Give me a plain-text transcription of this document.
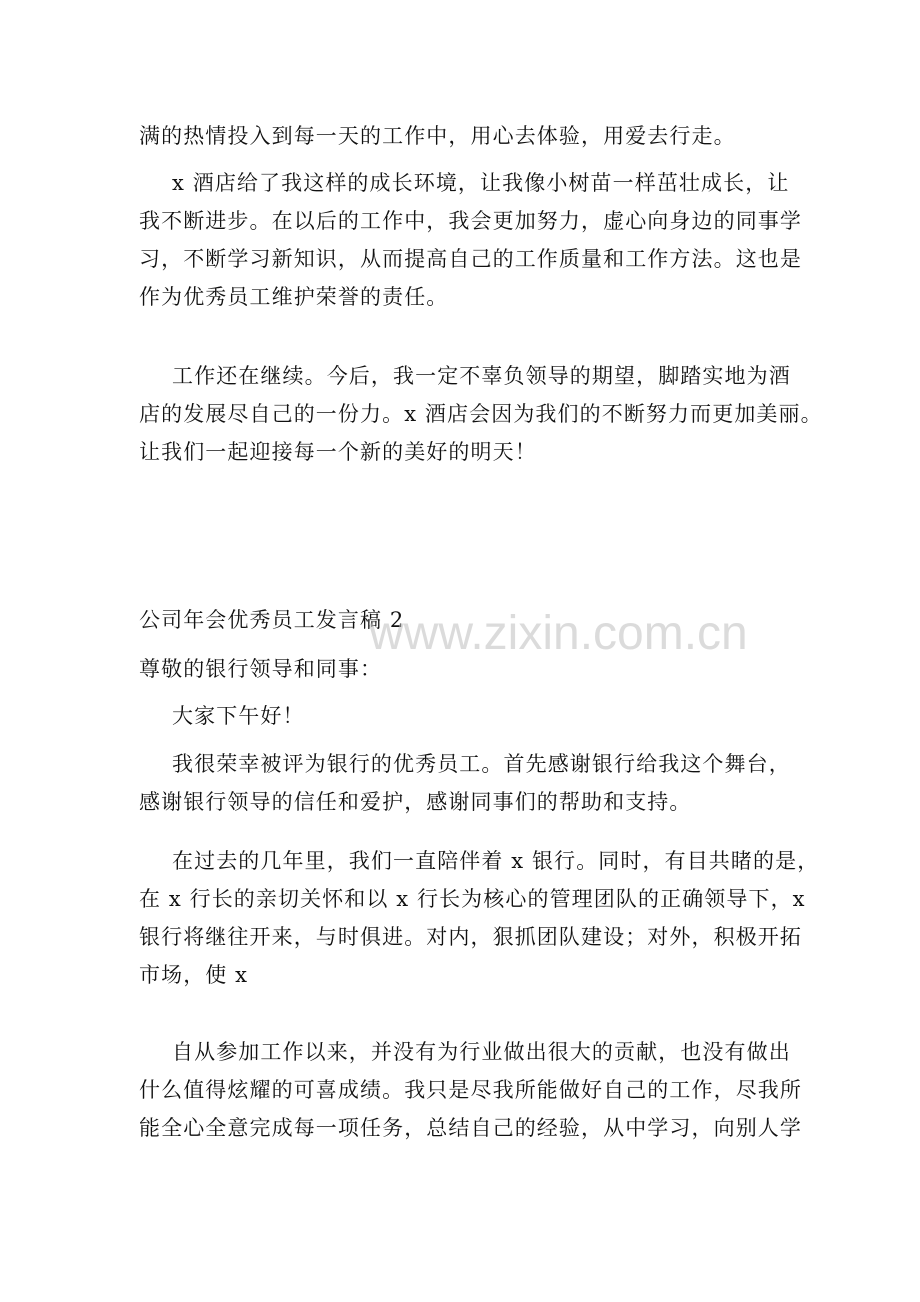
满的热情投入到每一天的工作中，用心去体验，用爱去行走。
x 酒店给了我这样的成长环境，让我像小树苗一样茁壮成长，让
我不断进步。在以后的工作中，我会更加努力，虚心向身边的同事学
习，不断学习新知识，从而提高自己的工作质量和工作方法。这也是
作为优秀员工维护荣誉的责任。
工作还在继续。今后，我一定不辜负领导的期望，脚踏实地为酒
店的发展尽自己的一份力。x 酒店会因为我们的不断努力而更加美丽。
让我们一起迎接每一个新的美好的明天！
公司年会优秀员工发言稿 2
尊敬的银行领导和同事：
大家下午好！
我很荣幸被评为银行的优秀员工。首先感谢银行给我这个舞台，
感谢银行领导的信任和爱护，感谢同事们的帮助和支持。
在过去的几年里，我们一直陪伴着 x 银行。同时，有目共睹的是，
在 x 行长的亲切关怀和以 x 行长为核心的管理团队的正确领导下，x
银行将继往开来，与时俱进。对内，狠抓团队建设；对外，积极开拓
市场，使 x
自从参加工作以来，并没有为行业做出很大的贡献，也没有做出
什么值得炫耀的可喜成绩。我只是尽我所能做好自己的工作，尽我所
能全心全意完成每一项任务，总结自己的经验，从中学习，向别人学
www.zixin.com.cn
